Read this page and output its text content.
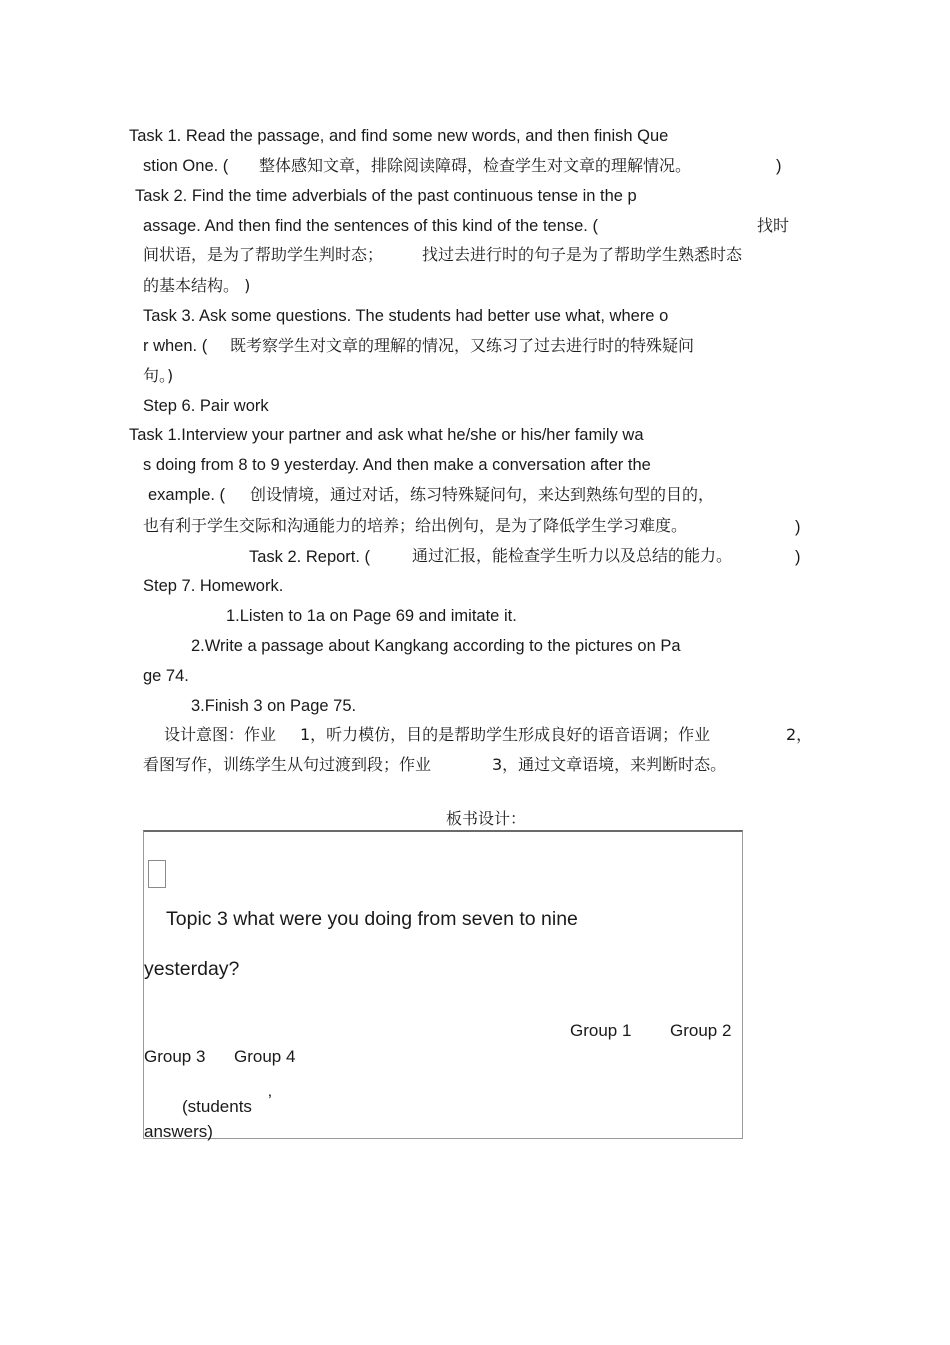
Task 1. Read the passage, and find some new words, and then finish Que
stion One. ( 整体感知文章，排除阅读障碍，检查学生对文章的理解情况。	)
Task 2. Find the time adverbials of the past continuous tense in the p
assage. And then find the sentences of this kind of the tense. (	找时
间状语，是为了帮助学生判时态； 找过去进行时的句子是为了帮助学生熟悉时态
的基本结构。 )
Task 3. Ask some questions. The students had better use what, where o
r when. ( 既考察学生对文章的理解的情况，又练习了过去进行时的特殊疑问
句。)
Step 6. Pair work
Task 1.Interview your partner and ask what he/she or his/her family wa
s doing from 8 to 9 yesterday. And then make a conversation after the
example. ( 创设情境，通过对话，练习特殊疑问句，来达到熟练句型的目的，
也有利于学生交际和沟通能力的培养；给出例句，是为了降低学生学习难度。	)
Task 2. Report. (	通过汇报，能检查学生听力以及总结的能力。	)
Step 7. Homework.
1.Listen to 1a on Page 69 and imitate it.
2.Write a passage about Kangkang according to the pictures on Pa
ge 74.
3.Finish 3 on Page 75.
设计意图：作业 1，听力模仿，目的是帮助学生形成良好的语音语调；作业	2，
看图写作，训练学生从句过渡到段；作业	3，通过文章语境，来判断时态。
板书设计：
Topic 3 what were you doing from seven to nine
yesterday?
Group 1 Group 2
Group 3 Group 4
(students ’
answers)
